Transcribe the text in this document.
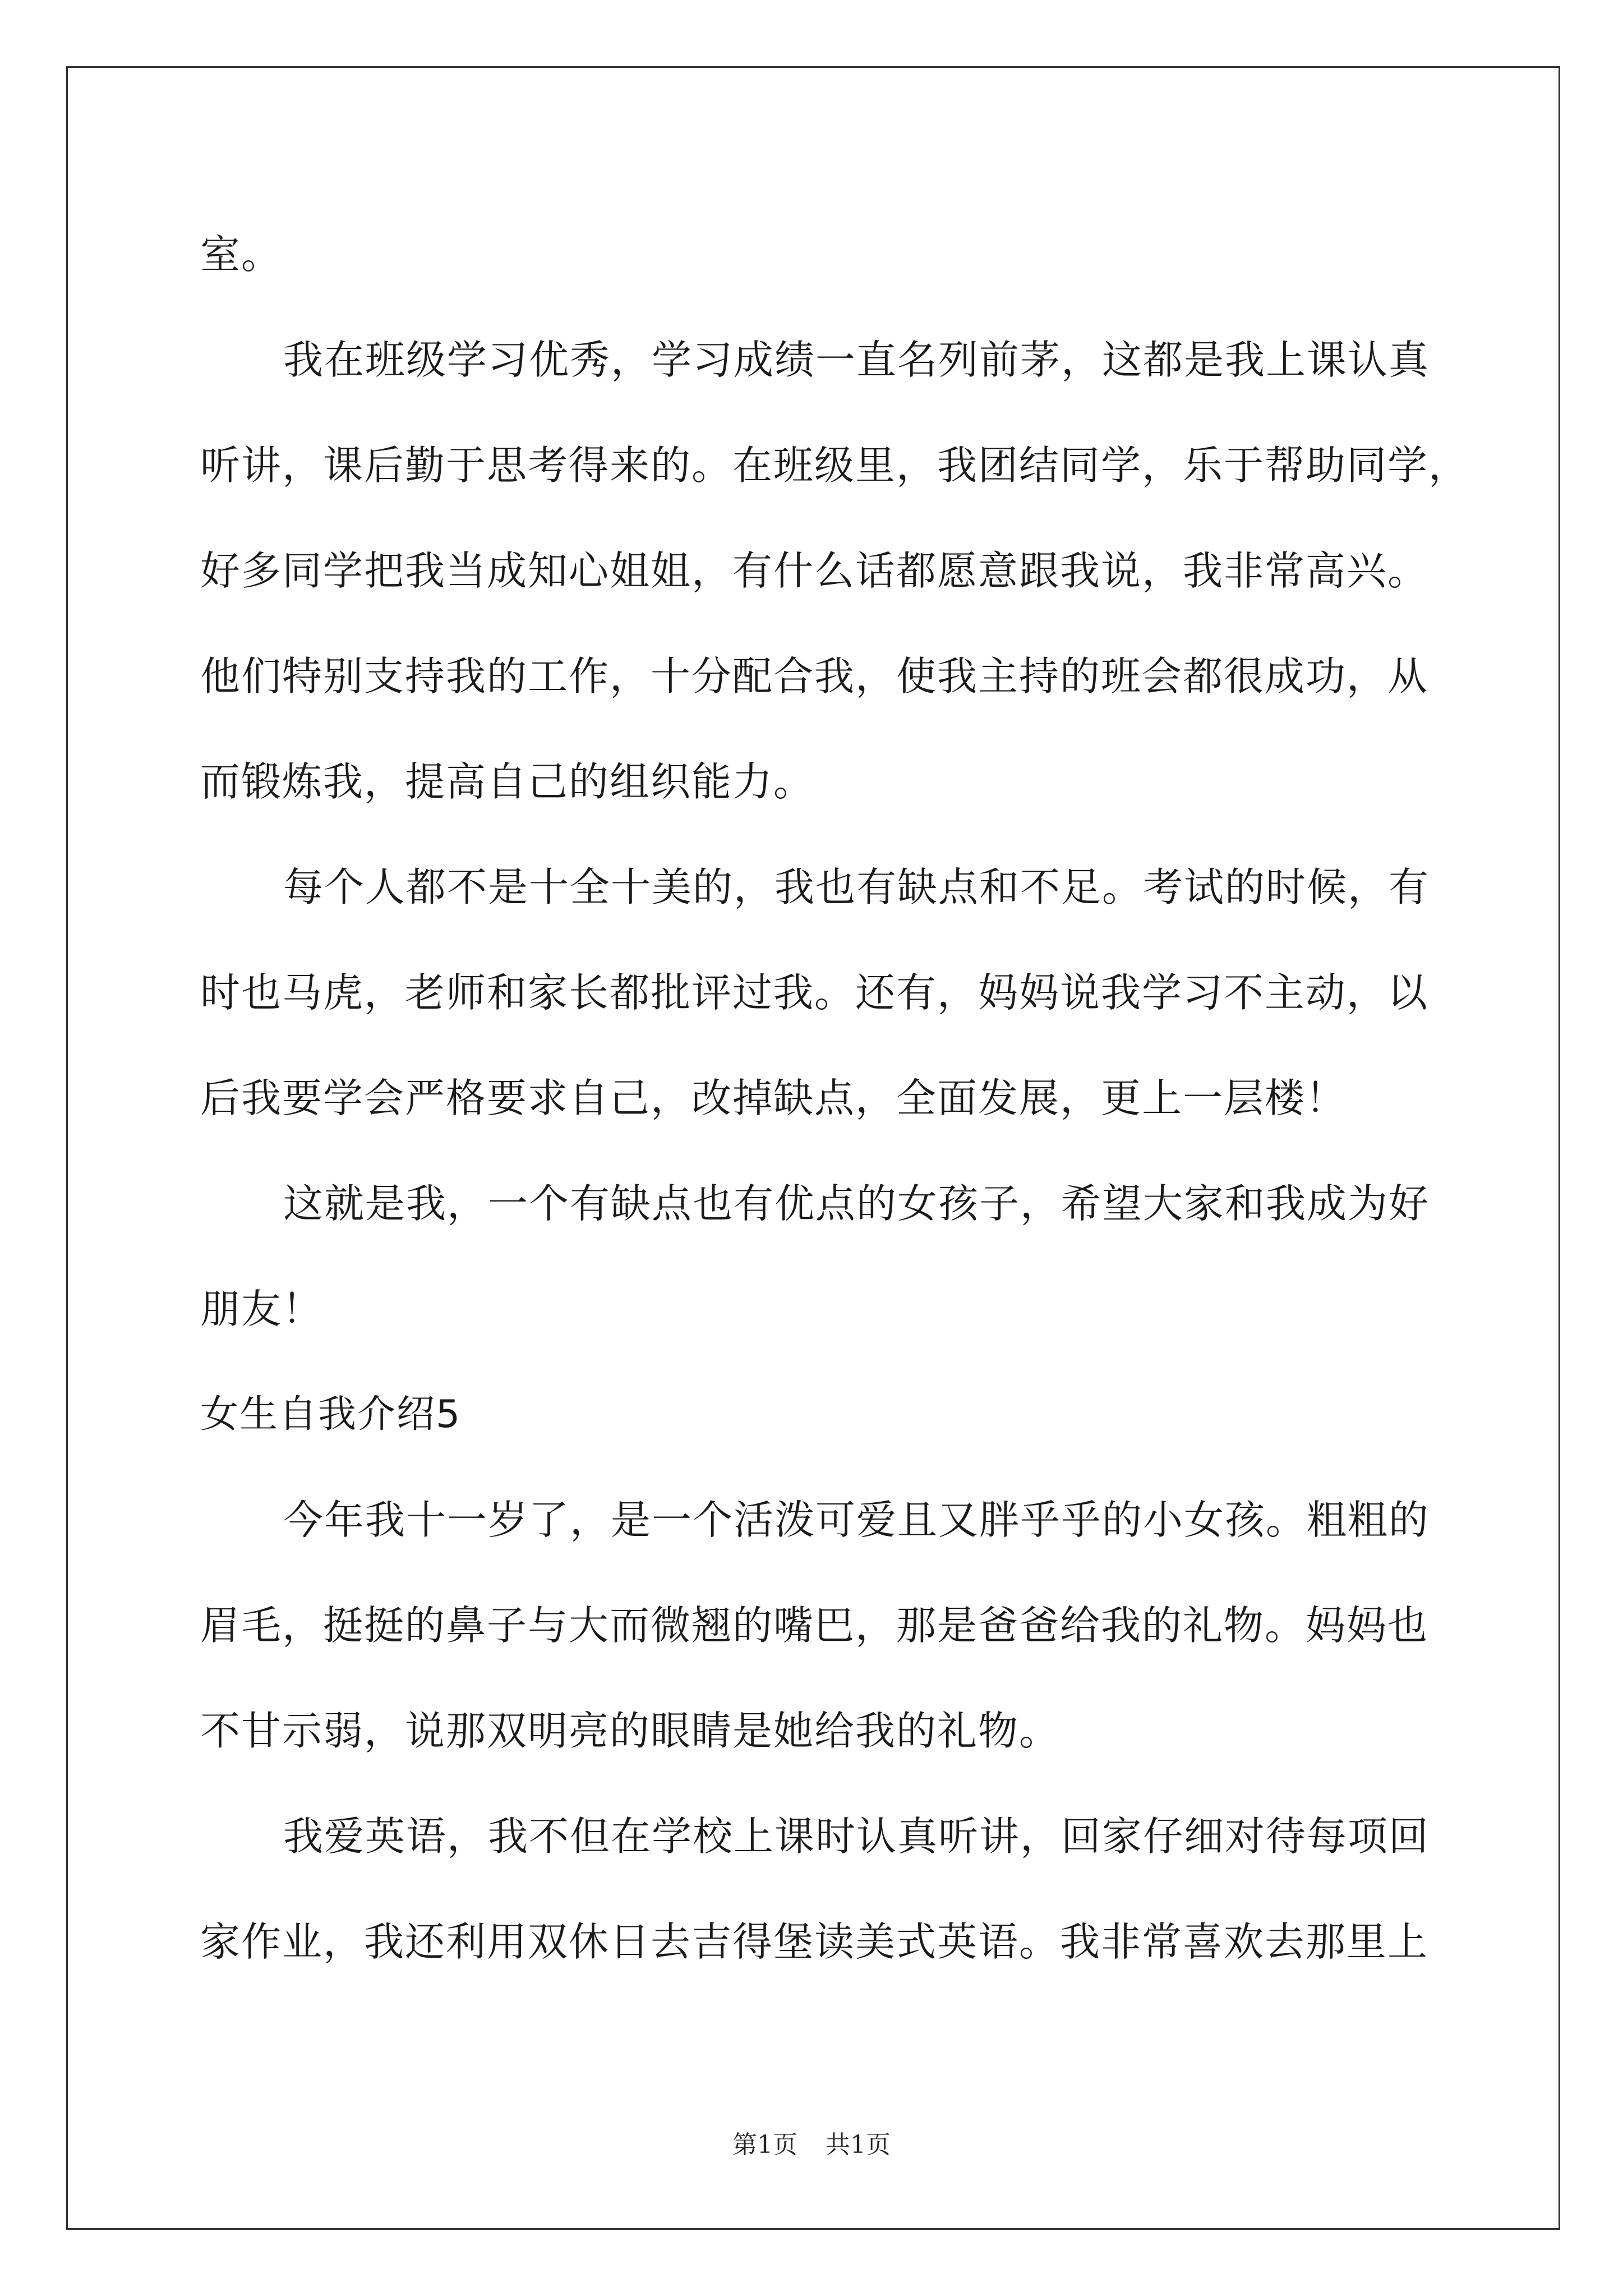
室。
我在班级学习优秀，学习成绩一直名列前茅，这都是我上课认真
听讲，课后勤于思考得来的。在班级里，我团结同学，乐于帮助同学，
好多同学把我当成知心姐姐，有什么话都愿意跟我说，我非常高兴。
他们特别支持我的工作，十分配合我，使我主持的班会都很成功，从
而锻炼我，提高自己的组织能力。
每个人都不是十全十美的，我也有缺点和不足。考试的时候，有
时也马虎，老师和家长都批评过我。还有，妈妈说我学习不主动，以
后我要学会严格要求自己，改掉缺点，全面发展，更上一层楼！
这就是我，一个有缺点也有优点的女孩子，希望大家和我成为好
朋友！
女生自我介绍5
今年我十一岁了，是一个活泼可爱且又胖乎乎的小女孩。粗粗的
眉毛，挺挺的鼻子与大而微翘的嘴巴，那是爸爸给我的礼物。妈妈也
不甘示弱，说那双明亮的眼睛是她给我的礼物。
我爱英语，我不但在学校上课时认真听讲，回家仔细对待每项回
家作业，我还利用双休日去吉得堡读美式英语。我非常喜欢去那里上
第1页 共1页
